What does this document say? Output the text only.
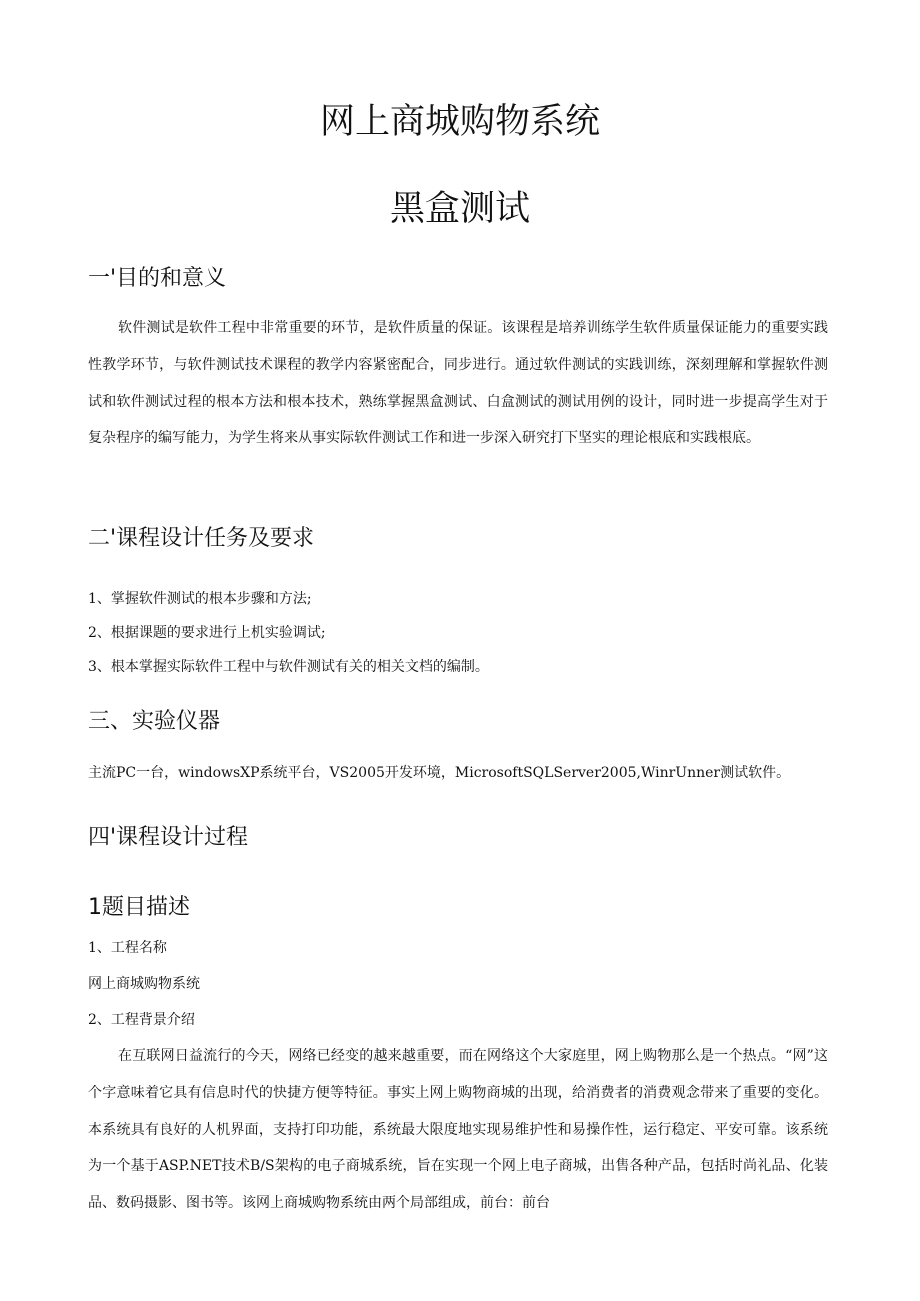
网上商城购物系统
黑盒测试
一'目的和意义

软件测试是软件工程中非常重要的环节，是软件质量的保证。该课程是培养训练学生软件质量保证能力的重要实践性教学环节，与软件测试技术课程的教学内容紧密配合，同步进行。通过软件测试的实践训练，深刻理解和掌握软件测试和软件测试过程的根本方法和根本技术，熟练掌握黑盒测试、白盒测试的测试用例的设计，同时进一步提高学生对于复杂程序的编写能力，为学生将来从事实际软件测试工作和进一步深入研究打下坚实的理论根底和实践根底。

二'课程设计任务及要求

1、掌握软件测试的根本步骤和方法;

2、根据课题的要求进行上机实验调试;

3、根本掌握实际软件工程中与软件测试有关的相关文档的编制。

三、实验仪器

主流PC一台，windowsXP系统平台，VS2005开发环境，MicrosoftSQLServer2005,WinrUnner测试软件。

四'课程设计过程
1题目描述

1、工程名称

网上商城购物系统

2、工程背景介绍

在互联网日益流行的今天，网络已经变的越来越重要，而在网络这个大家庭里，网上购物那么是一个热点。“网”这个字意味着它具有信息时代的快捷方便等特征。事实上网上购物商城的出现，给消费者的消费观念带来了重要的变化。本系统具有良好的人机界面，支持打印功能，系统最大限度地实现易维护性和易操作性，运行稳定、平安可靠。该系统为一个基于ASP.NET技术B/S架构的电子商城系统，旨在实现一个网上电子商城，出售各种产品，包括时尚礼品、化装品、数码摄影、图书等。该网上商城购物系统由两个局部组成，前台：前台
